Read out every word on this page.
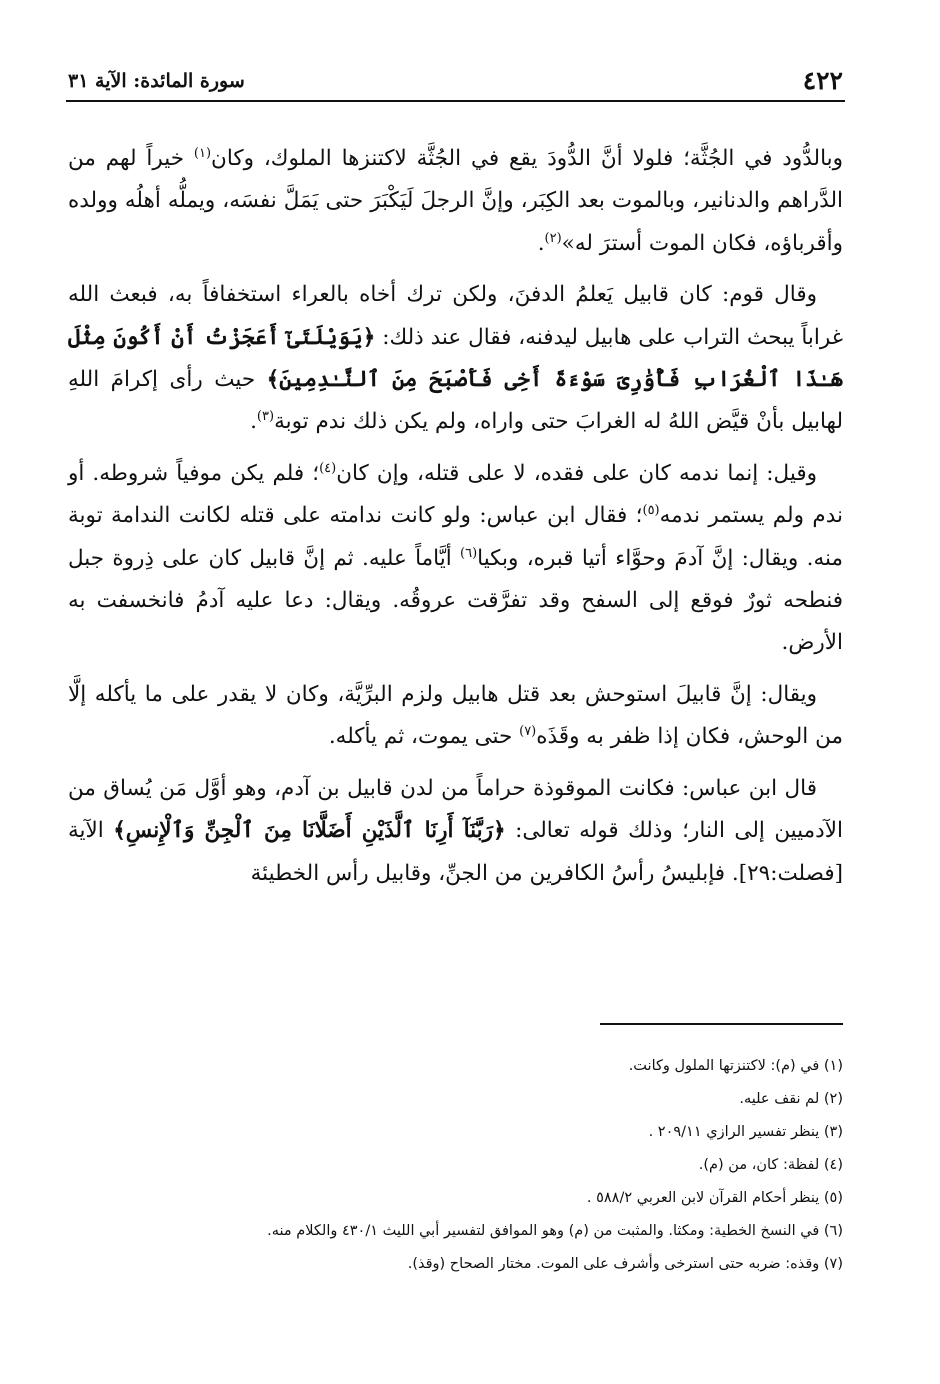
٤٢٢
سورة المائدة: الآية ٣١

وبالدُّود في الجُثَّة؛ فلولا أنَّ الدُّودَ يقع في الجُثَّة لاكتنزها الملوك، وكان$^{(١)}$ خيراً لهم من الدَّراهم والدنانير، وبالموت بعد الكِبَر، وإنَّ الرجلَ لَيَكْبَرَ حتى يَمَلَّ نفسَه، ويملُّه أهلُه وولده وأقرباؤه، فكان الموت أسترَ له»$^{(٢)}$.

وقال قوم: كان قابيل يَعلمُ الدفنَ، ولكن ترك أخاه بالعراء استخفافاً به، فبعث الله غراباً يبحث التراب على هابيل ليدفنه، فقال عند ذلك: ﴿يَوَيْلَتَىٰٓ أَعَجَزْتُ أَنْ أَكُونَ مِثْلَ هَـٰذَا ٱلْغُرَابِ فَأُوَٰرِىَ سَوْءَةَ أَخِى فَأَصْبَحَ مِنَ ٱلنَّـٰدِمِينَ﴾ حيث رأى إكرامَ اللهِ لهابيل بأنْ قيَّض اللهُ له الغرابَ حتى واراه، ولم يكن ذلك ندم توبة$^{(٣)}$.

وقيل: إنما ندمه كان على فقده، لا على قتله، وإن كان$^{(٤)}$؛ فلم يكن موفياً شروطه. أو ندم ولم يستمر ندمه$^{(٥)}$؛ فقال ابن عباس: ولو كانت ندامته على قتله لكانت الندامة توبة منه. ويقال: إنَّ آدمَ وحوَّاء أتيا قبره، وبكيا$^{(٦)}$ أيَّاماً عليه. ثم إنَّ قابيل كان على ذِروة جبل فنطحه ثورٌ فوقع إلى السفح وقد تفرَّقت عروقُه. ويقال: دعا عليه آدمُ فانخسفت به الأرض.

ويقال: إنَّ قابيلَ استوحش بعد قتل هابيل ولزم البرِّيَّة، وكان لا يقدر على ما يأكله إلَّا من الوحش، فكان إذا ظفر به وقَذَه$^{(٧)}$ حتى يموت، ثم يأكله.

قال ابن عباس: فكانت الموقوذة حراماً من لدن قابيل بن آدم، وهو أوَّل مَن يُساق من الآدميين إلى النار؛ وذلك قوله تعالى: ﴿رَبَّنَآ أَرِنَا ٱلَّذَيْنِ أَضَلَّانَا مِنَ ٱلْجِنِّ وَٱلْإِنسِ﴾ الآية [فصلت:٢٩]. فإبليسُ رأسُ الكافرين من الجنِّ، وقابيل رأس الخطيئة

(١) في (م): لاكتنزتها الملول وكانت.

(٢) لم نقف عليه.

(٣) ينظر تفسير الرازي ٢٠٩/١١ .

(٤) لفظة: كان، من (م).

(٥) ينظر أحكام القرآن لابن العربي ٥٨٨/٢ .

(٦) في النسخ الخطية: ومكثا. والمثبت من (م) وهو الموافق لتفسير أبي الليث ٤٣٠/١ والكلام منه.

(٧) وقذه: ضربه حتى استرخى وأشرف على الموت. مختار الصحاح (وقذ).
